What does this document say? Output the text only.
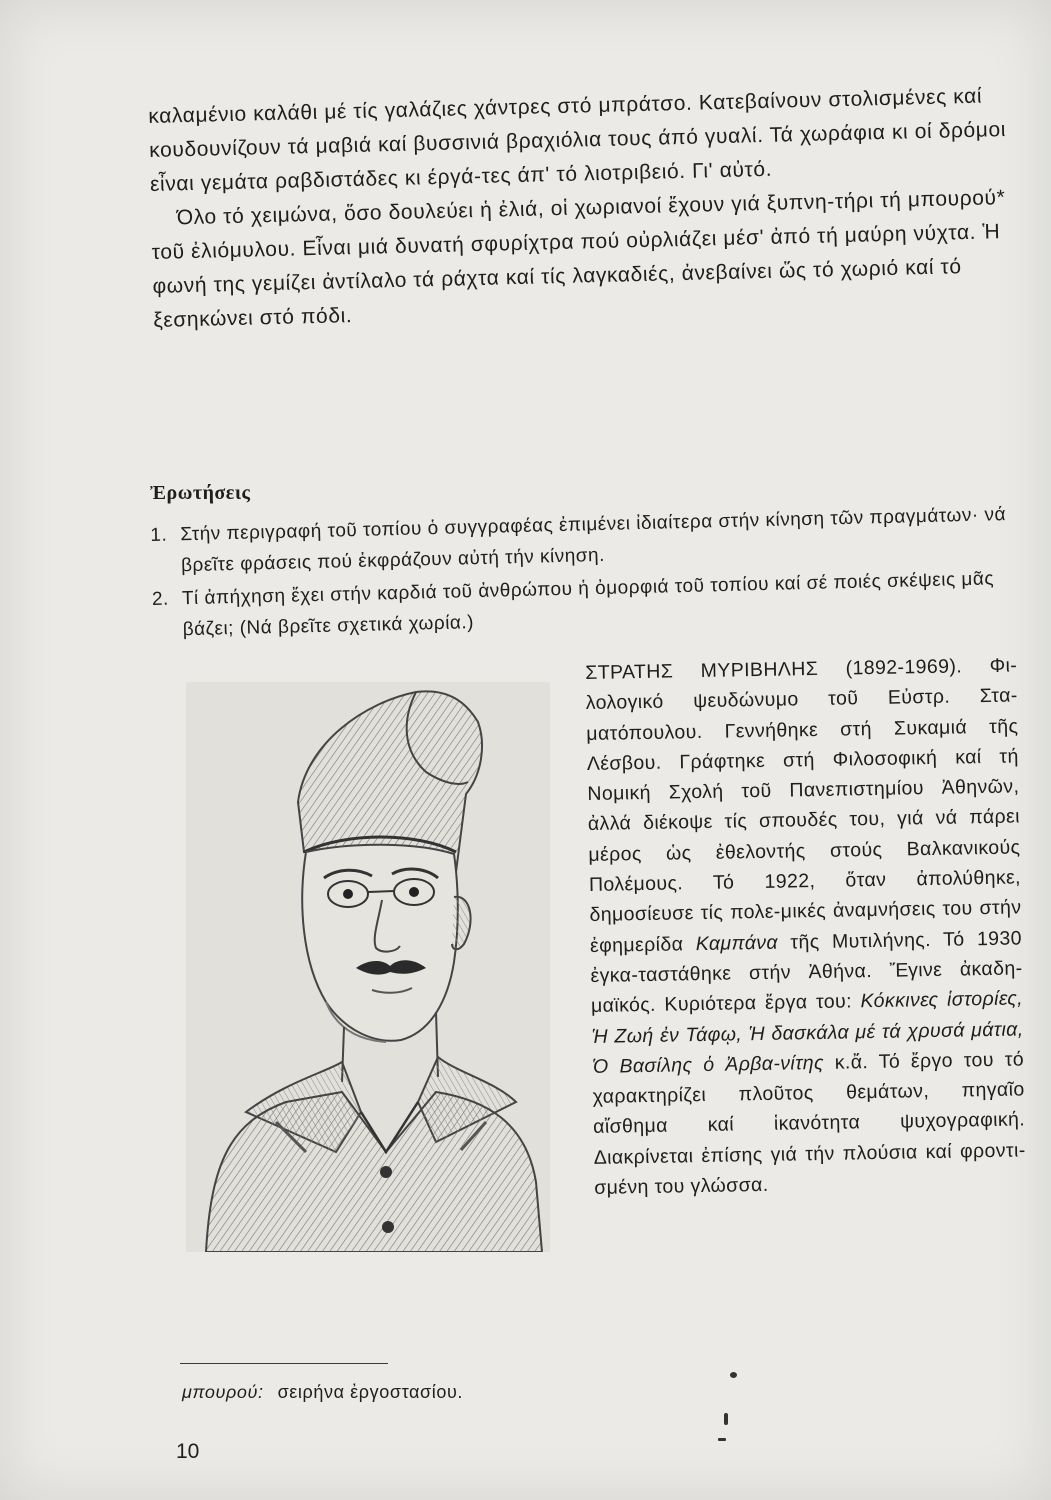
καλαμένιο καλάθι μέ τίς γαλάζιες χάντρες στό μπράτσο. Κατεβαίνουν στολισμένες καί κουδουνίζουν τά μαβιά καί βυσσινιά βραχιόλια τους άπό γυαλί. Τά χωράφια κι οί δρόμοι εἶναι γεμάτα ραβδιστάδες κι έργά-τες άπ' τό λιοτριβειό. Γι' αὐτό.

Όλο τό χειμώνα, ὅσο δουλεύει ἡ ἐλιά, οἱ χωριανοί ἔχουν γιά ξυπνη-τήρι τή μπουρού* τοῦ ἐλιόμυλου. Εἶναι μιά δυνατή σφυρίχτρα πού οὐρλιάζει μέσ' ἀπό τή μαύρη νύχτα. Ἡ φωνή της γεμίζει ἀντίλαλο τά ράχτα καί τίς λαγκαδιές, ἀνεβαίνει ὥς τό χωριό καί τό ξεσηκώνει στό πόδι.

Ἐρωτήσεις
1. Στήν περιγραφή τοῦ τοπίου ὁ συγγραφέας ἐπιμένει ἰδιαίτερα στήν κίνηση τῶν πραγμάτων· νά βρεῖτε φράσεις πού ἐκφράζουν αὐτή τήν κίνηση.
2. Τί ἀπήχηση ἔχει στήν καρδιά τοῦ ἀνθρώπου ἡ ὀμορφιά τοῦ τοπίου καί σέ ποιές σκέψεις μᾶς βάζει; (Νά βρεῖτε σχετικά χωρία.)

ΣΤΡΑΤΗΣ ΜΥΡΙΒΗΛΗΣ (1892-1969). Φι-λολογικό ψευδώνυμο τοῦ Εὐστρ. Στα-ματόπουλου. Γεννήθηκε στή Συκαμιά τῆς Λέσβου. Γράφτηκε στή Φιλοσοφική καί τή Νομική Σχολή τοῦ Πανεπιστημίου Ἀθηνῶν, ἀλλά διέκοψε τίς σπουδές του, γιά νά πάρει μέρος ὡς ἐθελοντής στούς Βαλκανικούς Πολέμους. Τό 1922, ὅταν ἀπολύθηκε, δημοσίευσε τίς πολε-μικές ἀναμνήσεις του στήν ἐφημερίδα Καμπάνα τῆς Μυτιλήνης. Τό 1930 ἐγκα-ταστάθηκε στήν Ἀθήνα. Ἔγινε ἀκαδη-μαϊκός. Κυριότερα ἔργα του: Κόκκινες ἱστορίες, Ἡ Ζωή ἐν Τάφῳ, Ἡ δασκάλα μέ τά χρυσά μάτια, Ὁ Βασίλης ὁ Ἀρβα-νίτης κ.ἄ. Τό ἔργο του τό χαρακτηρίζει πλοῦτος θεμάτων, πηγαῖο αἴσθημα καί ἱκανότητα ψυχογραφική. Διακρίνεται ἐπίσης γιά τήν πλούσια καί φροντι-σμένη του γλώσσα.

μπουρού: σειρήνα ἐργοστασίου.
10
